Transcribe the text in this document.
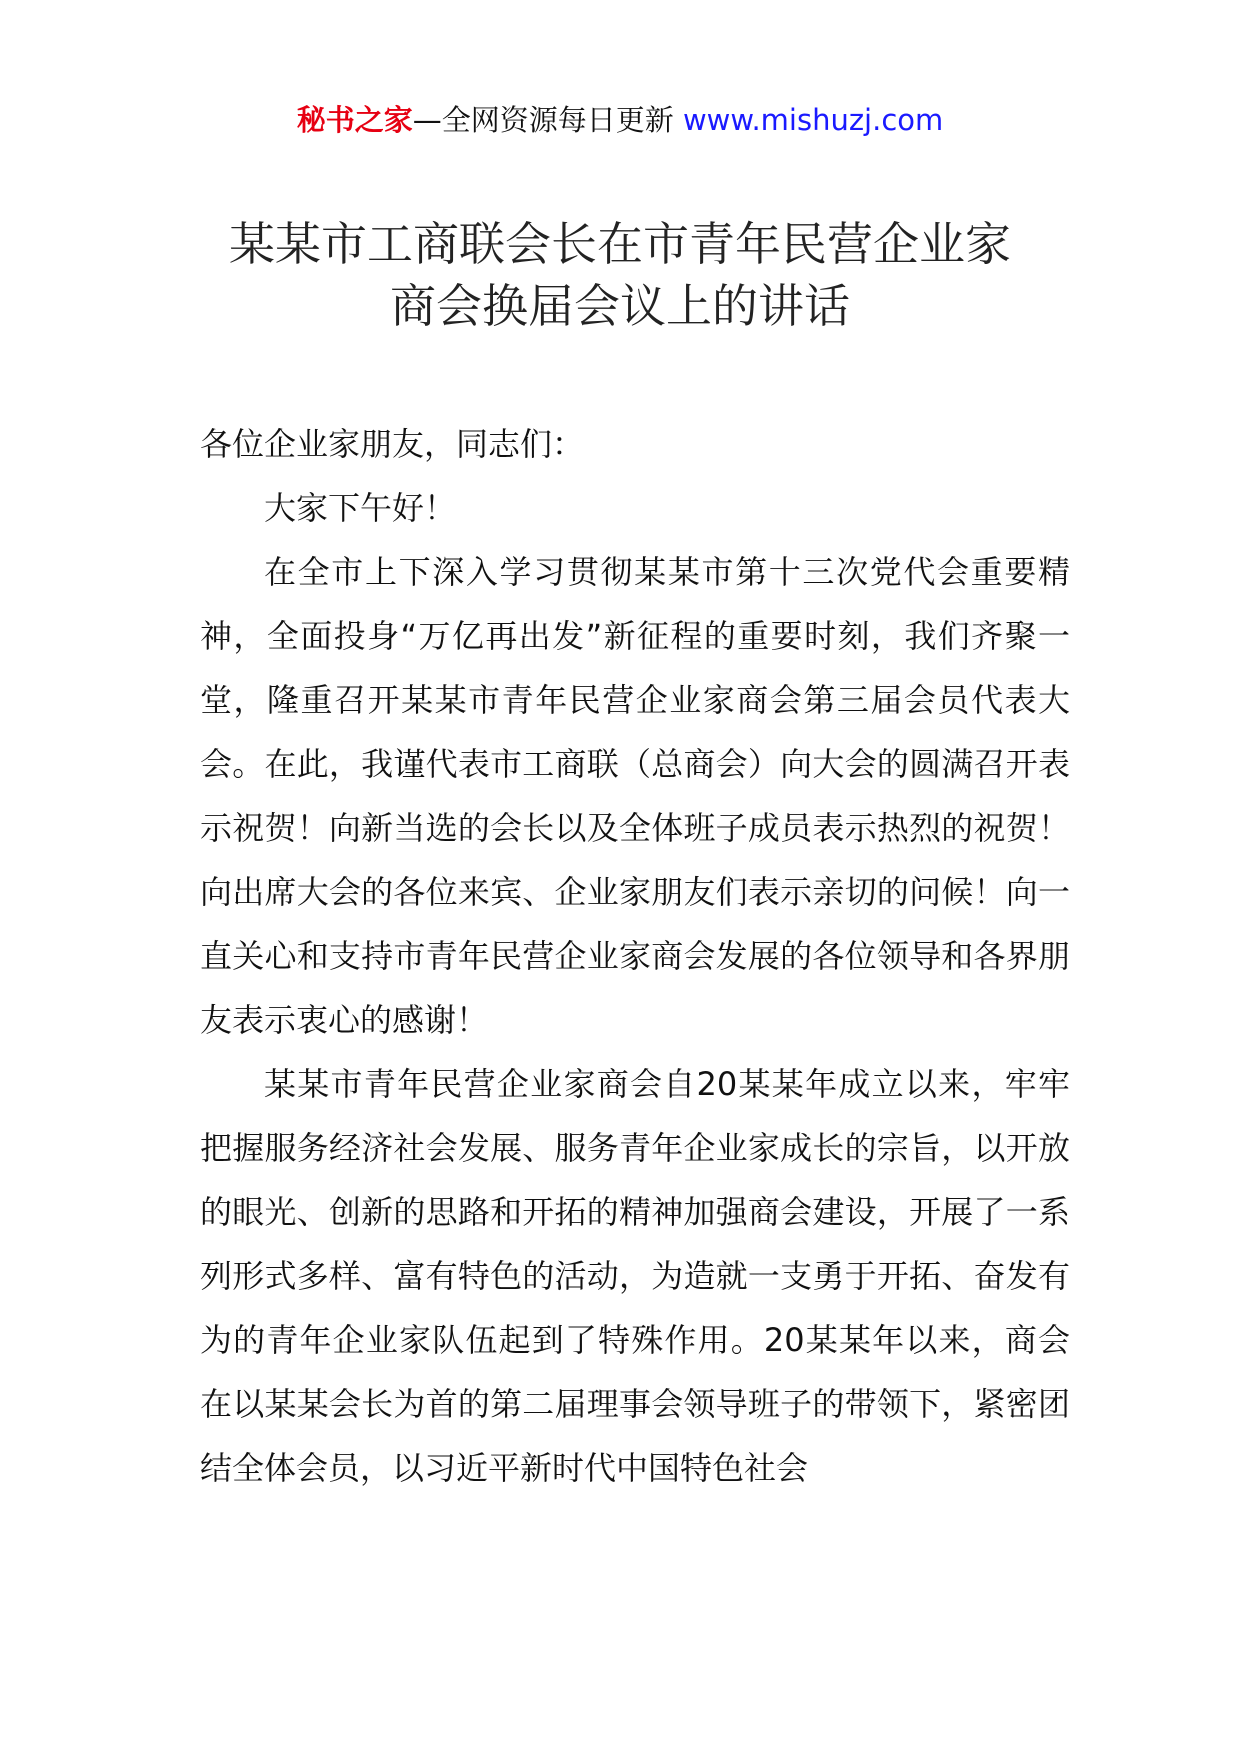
秘书之家—全网资源每日更新 www.mishuzj.com
某某市工商联会长在市青年民营企业家
商会换届会议上的讲话

各位企业家朋友，同志们：

大家下午好！

在全市上下深入学习贯彻某某市第十三次党代会重要精神，全面投身“万亿再出发”新征程的重要时刻，我们齐聚一堂，隆重召开某某市青年民营企业家商会第三届会员代表大会。在此，我谨代表市工商联（总商会）向大会的圆满召开表示祝贺！向新当选的会长以及全体班子成员表示热烈的祝贺！向出席大会的各位来宾、企业家朋友们表示亲切的问候！向一直关心和支持市青年民营企业家商会发展的各位领导和各界朋友表示衷心的感谢！

某某市青年民营企业家商会自20某某年成立以来，牢牢把握服务经济社会发展、服务青年企业家成长的宗旨，以开放的眼光、创新的思路和开拓的精神加强商会建设，开展了一系列形式多样、富有特色的活动，为造就一支勇于开拓、奋发有为的青年企业家队伍起到了特殊作用。20某某年以来，商会在以某某会长为首的第二届理事会领导班子的带领下，紧密团结全体会员，以习近平新时代中国特色社会
